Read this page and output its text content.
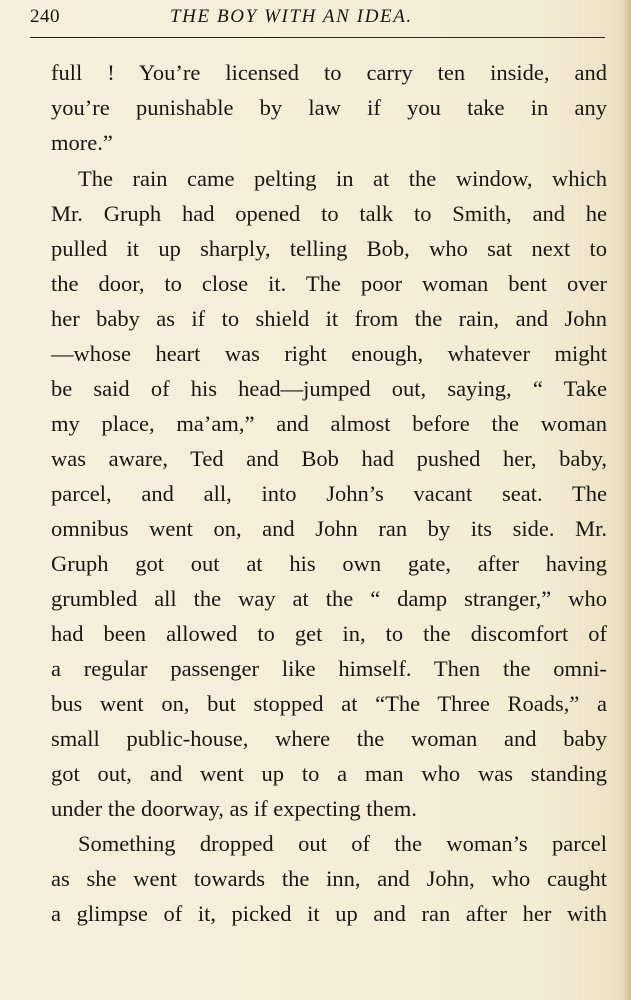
240	THE BOY WITH AN IDEA.
full ! You’re licensed to carry ten inside, and
you’re punishable by law if you take in any
more.”
The rain came pelting in at the window, which
Mr. Gruph had opened to talk to Smith, and he
pulled it up sharply, telling Bob, who sat next to
the door, to close it. The poor woman bent over
her baby as if to shield it from the rain, and John
—whose heart was right enough, whatever might
be said of his head—jumped out, saying, “ Take
my place, ma’am,” and almost before the woman
was aware, Ted and Bob had pushed her, baby,
parcel, and all, into John’s vacant seat. The
omnibus went on, and John ran by its side. Mr.
Gruph got out at his own gate, after having
grumbled all the way at the “ damp stranger,” who
had been allowed to get in, to the discomfort of
a regular passenger like himself. Then the omni-
bus went on, but stopped at “The Three Roads,” a
small public-house, where the woman and baby
got out, and went up to a man who was standing
under the doorway, as if expecting them.
Something dropped out of the woman’s parcel
as she went towards the inn, and John, who caught
a glimpse of it, picked it up and ran after her with
